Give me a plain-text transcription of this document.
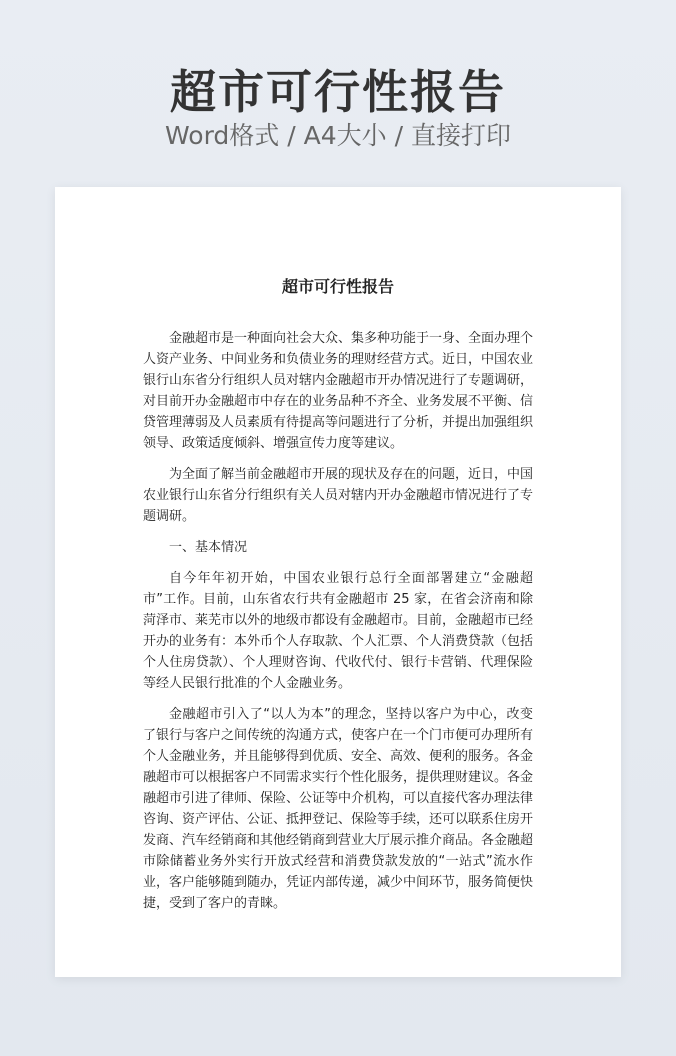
超市可行性报告

Word格式 / A4大小 / 直接打印

超市可行性报告

金融超市是一种面向社会大众、集多种功能于一身、全面办理个人资产业务、中间业务和负债业务的理财经营方式。近日，中国农业银行山东省分行组织人员对辖内金融超市开办情况进行了专题调研，对目前开办金融超市中存在的业务品种不齐全、业务发展不平衡、信贷管理薄弱及人员素质有待提高等问题进行了分析，并提出加强组织领导、政策适度倾斜、增强宣传力度等建议。

为全面了解当前金融超市开展的现状及存在的问题，近日，中国农业银行山东省分行组织有关人员对辖内开办金融超市情况进行了专题调研。

一、基本情况

自今年年初开始，中国农业银行总行全面部署建立“金融超市”工作。目前，山东省农行共有金融超市 25 家，在省会济南和除菏泽市、莱芜市以外的地级市都设有金融超市。目前，金融超市已经开办的业务有：本外币个人存取款、个人汇票、个人消费贷款（包括个人住房贷款）、个人理财咨询、代收代付、银行卡营销、代理保险等经人民银行批准的个人金融业务。

金融超市引入了“以人为本”的理念，坚持以客户为中心，改变了银行与客户之间传统的沟通方式，使客户在一个门市便可办理所有个人金融业务，并且能够得到优质、安全、高效、便利的服务。各金融超市可以根据客户不同需求实行个性化服务，提供理财建议。各金融超市引进了律师、保险、公证等中介机构，可以直接代客办理法律咨询、资产评估、公证、抵押登记、保险等手续，还可以联系住房开发商、汽车经销商和其他经销商到营业大厅展示推介商品。各金融超市除储蓄业务外实行开放式经营和消费贷款发放的“一站式”流水作业，客户能够随到随办，凭证内部传递，减少中间环节，服务简便快捷，受到了客户的青睐。
